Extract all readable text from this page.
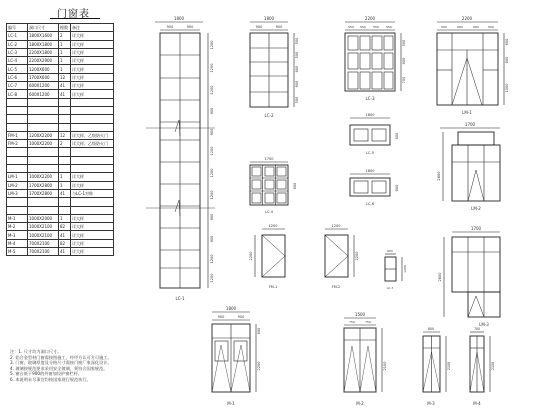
门窗表
编号	洞口尺寸	樘数	备注
LC-1	1800X1600	2	详大样
LC-2	1800X1800	1	详大样
LC-3	2200X1800	1	详大样
LC-4	2200X2900	1	详大样
LC-5	1200X600	1	详大样
LC-6	1700X600	12	详大样
LC-7	600X1200	41	详大样
LC-8	600X1200	41	详大样

FM-1	1200X2200	12	详大样，乙级防火门
FM-2	1000X2200	2	详大样，乙级防火门

LM-1	1000X2200	1	详大样
LM-2	1700X2800	1	详大样
LM-3	1700X2800	41	与LC-1对称

M-1	1000X2000	1	详大样
M-2	1000X2100	82	详大样
M-3	1000X2100	41	详大样
M-4	700X2100	82	详大样
M-5	700X2100	41	详大样
注：1. 尺寸均为洞口尺寸。
2. 铝合金型材门窗需按图施工，经甲方认可方可施工。
3. 门窗、玻璃厚度及分格尺寸需按门窗厂家深化设计。
4. 玻璃按规范要求采用安全玻璃，须符合国家规范。
5. 窗台低于900的外窗加设护窗栏杆。
6. 本说明未尽事宜均按国家现行规范执行。
1800
900	900
1200
1200
1200
900
900
1200
1200
1200
900
900
1200
1200
LC-1
1800
900	900
500
500
600
600
500
LC-2
2200
550 550 550 550
500
600
700
LC-3
2200
500	600	600	500
600
800
1500
LM-1
1800
600
LC-5
1700
600
LC-4
1800
600
LC-6
1700
2800
LM-2
1200
2200
FM-1
1200
2200
FM-2
600
1200
LC-7
1700
2800
LM-3
1800
900	900
600
2200
M-1
1500
750	750
2100
M-2
800
2100
M-3
700
2100
M-4
